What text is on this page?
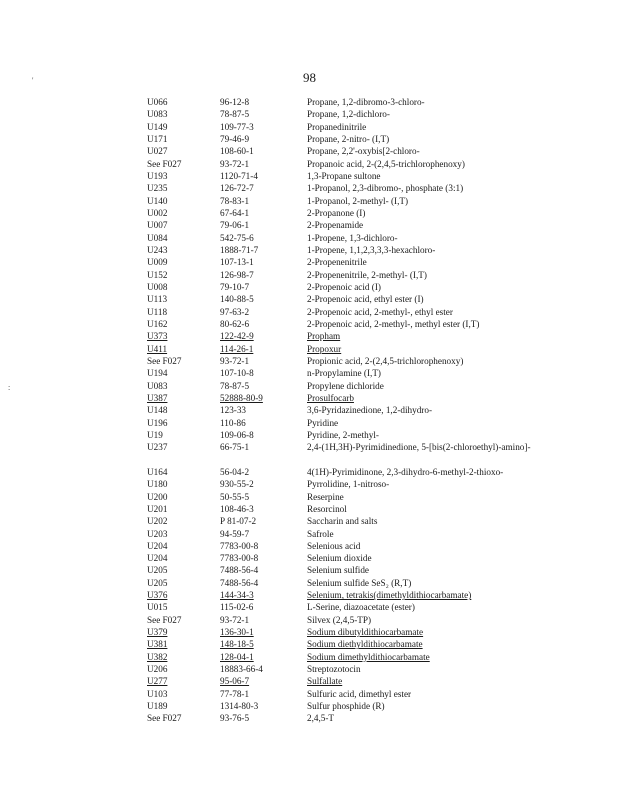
98
'
:
U066	96-12-8	Propane, 1,2-dibromo-3-chloro-
U083	78-87-5	Propane, 1,2-dichloro-
U149	109-77-3	Propanedinitrile
U171	79-46-9	Propane, 2-nitro- (I,T)
U027	108-60-1	Propane, 2,2'-oxybis[2-chloro-
See F027	93-72-1	Propanoic acid, 2-(2,4,5-trichlorophenoxy)
U193	1120-71-4	1,3-Propane sultone
U235	126-72-7	1-Propanol, 2,3-dibromo-, phosphate (3:1)
U140	78-83-1	1-Propanol, 2-methyl- (I,T)
U002	67-64-1	2-Propanone (I)
U007	79-06-1	2-Propenamide
U084	542-75-6	1-Propene, 1,3-dichloro-
U243	1888-71-7	1-Propene, 1,1,2,3,3,3-hexachloro-
U009	107-13-1	2-Propenenitrile
U152	126-98-7	2-Propenenitrile, 2-methyl- (I,T)
U008	79-10-7	2-Propenoic acid (I)
U113	140-88-5	2-Propenoic acid, ethyl ester (I)
U118	97-63-2	2-Propenoic acid, 2-methyl-, ethyl ester
U162	80-62-6	2-Propenoic acid, 2-methyl-, methyl ester (I,T)
U373	122-42-9	Propham
U411	114-26-1	Propoxur
See F027	93-72-1	Propionic acid, 2-(2,4,5-trichlorophenoxy)
U194	107-10-8	n-Propylamine (I,T)
U083	78-87-5	Propylene dichloride
U387	52888-80-9	Prosulfocarb
U148	123-33	3,6-Pyridazinedione, 1,2-dihydro-
U196	110-86	Pyridine
U19	109-06-8	Pyridine, 2-methyl-
U237	66-75-1	2,4-(1H,3H)-Pyrimidinedione, 5-[bis(2-chloroethyl)-amino]-
U164	56-04-2	4(1H)-Pyrimidinone, 2,3-dihydro-6-methyl-2-thioxo-
U180	930-55-2	Pyrrolidine, 1-nitroso-
U200	50-55-5	Reserpine
U201	108-46-3	Resorcinol
U202	P 81-07-2	Saccharin and salts
U203	94-59-7	Safrole
U204	7783-00-8	Selenious acid
U204	7783-00-8	Selenium dioxide
U205	7488-56-4	Selenium sulfide
U205	7488-56-4	Selenium sulfide SeS₂ (R,T)
U376	144-34-3	Selenium, tetrakis(dimethyldithiocarbamate)
U015	115-02-6	L-Serine, diazoacetate (ester)
See F027	93-72-1	Silvex (2,4,5-TP)
U379	136-30-1	Sodium dibutyldithiocarbamate
U381	148-18-5	Sodium diethyldithiocarbamate
U382	128-04-1	Sodium dimethyldithiocarbamate
U206	18883-66-4	Streptozotocin
U277	95-06-7	Sulfallate
U103	77-78-1	Sulfuric acid, dimethyl ester
U189	1314-80-3	Sulfur phosphide (R)
See F027	93-76-5	2,4,5-T
